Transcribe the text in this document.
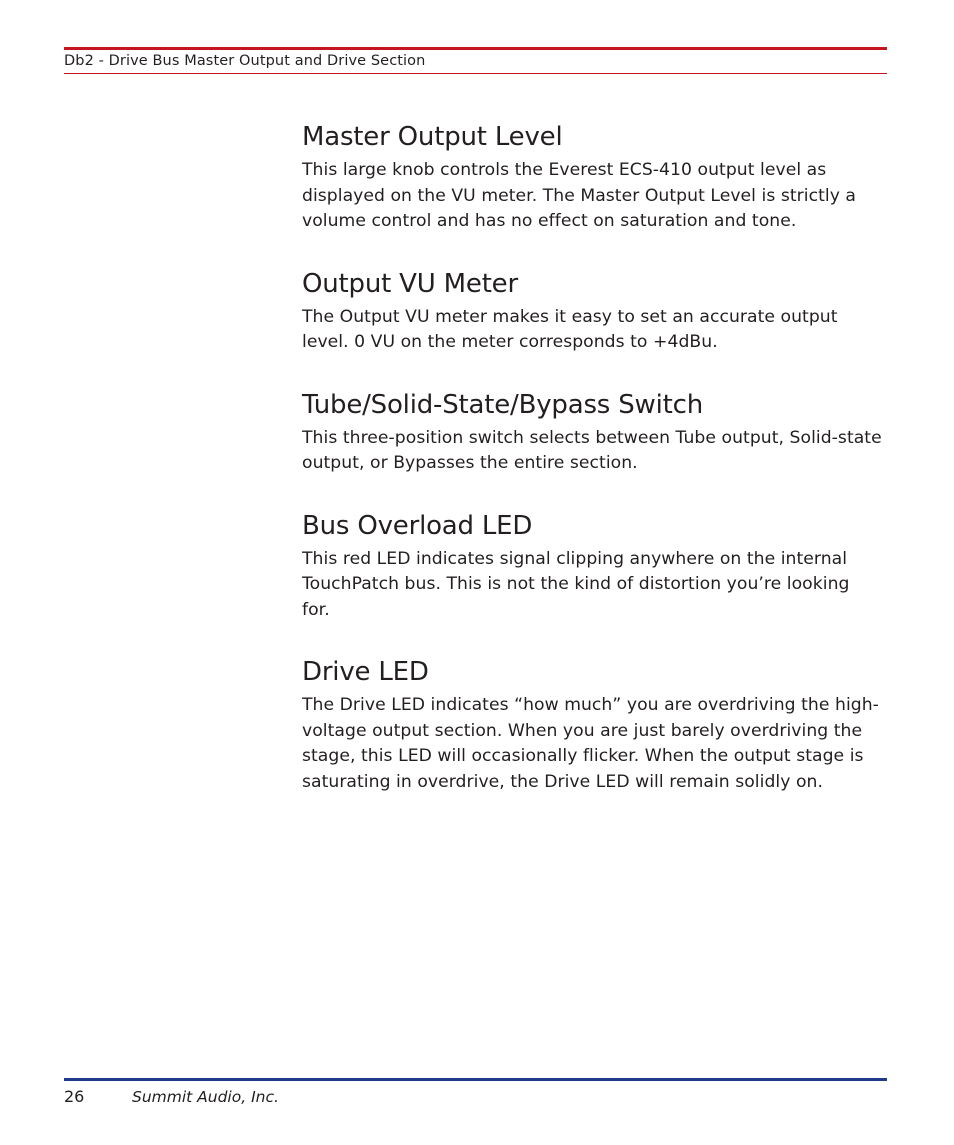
Db2 - Drive Bus Master Output and Drive Section
Master Output Level

This large knob controls the Everest ECS-410 output level as
displayed on the VU meter. The Master Output Level is strictly a
volume control and has no effect on saturation and tone.

Output VU Meter

The Output VU meter makes it easy to set an accurate output
level. 0 VU on the meter corresponds to +4dBu.

Tube/Solid-State/Bypass Switch

This three-position switch selects between Tube output, Solid-state
output, or Bypasses the entire section.

Bus Overload LED

This red LED indicates signal clipping anywhere on the internal
TouchPatch bus. This is not the kind of distortion you’re looking
for.

Drive LED

The Drive LED indicates “how much” you are overdriving the high-
voltage output section. When you are just barely overdriving the
stage, this LED will occasionally flicker. When the output stage is
saturating in overdrive, the Drive LED will remain solidly on.

26	Summit Audio, Inc.
